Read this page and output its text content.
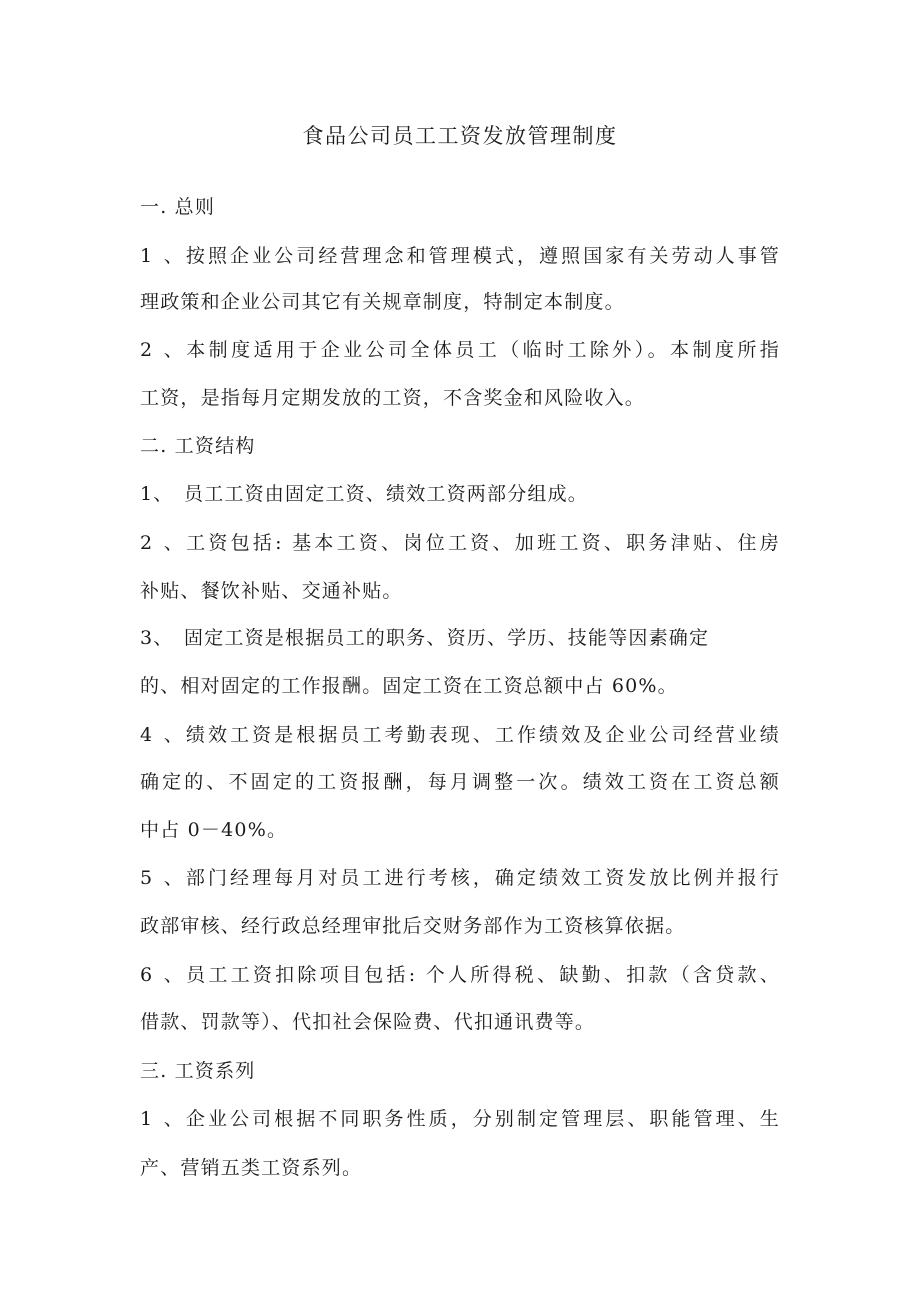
食品公司员工工资发放管理制度
一. 总则
1、按照企业公司经营理念和管理模式，遵照国家有关劳动人事管
理政策和企业公司其它有关规章制度，特制定本制度。
2、本制度适用于企业公司全体员工（临时工除外）。本制度所指
工资，是指每月定期发放的工资，不含奖金和风险收入。
二. 工资结构
1、 员工工资由固定工资、绩效工资两部分组成。
2、工资包括: 基本工资、岗位工资、加班工资、职务津贴、住房
补贴、餐饮补贴、交通补贴。
3、 固定工资是根据员工的职务、资历、学历、技能等因素确定
的、相对固定的工作报酬。固定工资在工资总额中占 60%。
4、绩效工资是根据员工考勤表现、工作绩效及企业公司经营业绩
确定的、不固定的工资报酬，每月调整一次。绩效工资在工资总额
中占 0－40%。
5、部门经理每月对员工进行考核，确定绩效工资发放比例并报行
政部审核、经行政总经理审批后交财务部作为工资核算依据。
6、员工工资扣除项目包括: 个人所得税、缺勤、扣款（含贷款、
借款、罚款等）、代扣社会保险费、代扣通讯费等。
三. 工资系列
1、企业公司根据不同职务性质，分别制定管理层、职能管理、生
产、营销五类工资系列。
